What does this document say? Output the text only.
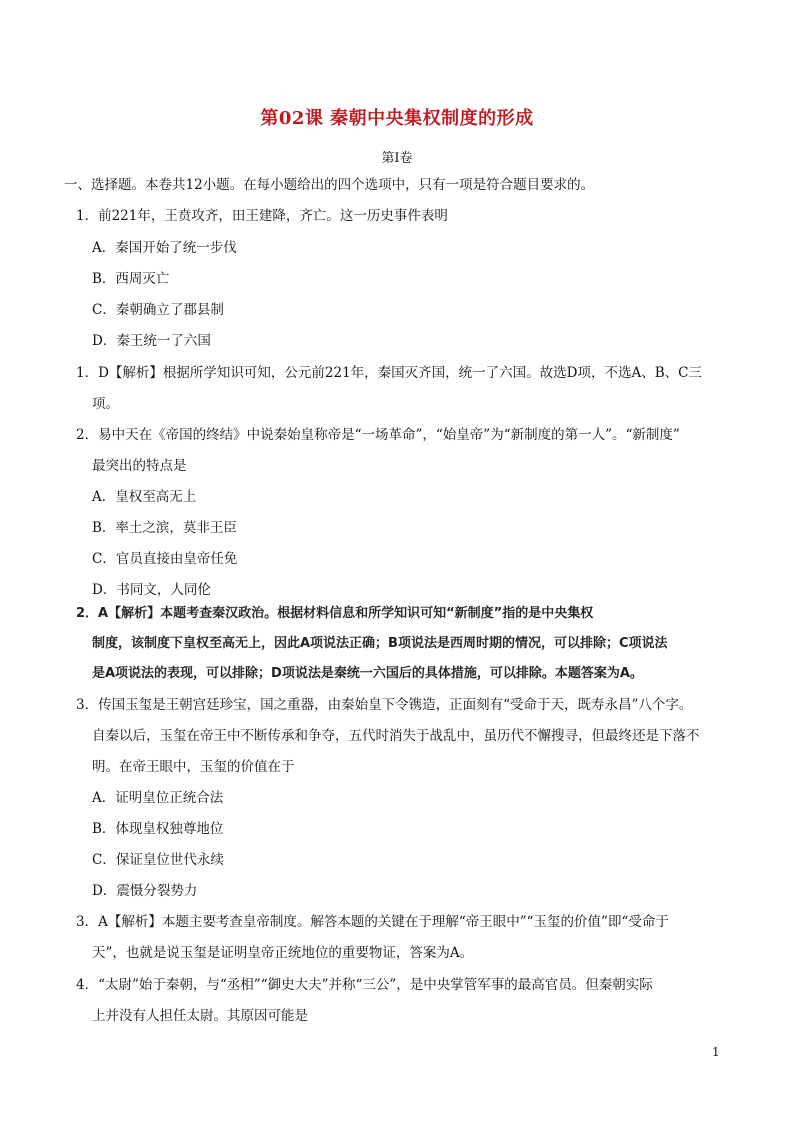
第02课 秦朝中央集权制度的形成
第Ⅰ卷
一、选择题。本卷共12小题。在每小题给出的四个选项中，只有一项是符合题目要求的。
1．前221年，王贲攻齐，田王建降，齐亡。这一历史事件表明
A．秦国开始了统一步伐
B．西周灭亡
C．秦朝确立了郡县制
D．秦王统一了六国
1．D【解析】根据所学知识可知，公元前221年，秦国灭齐国，统一了六国。故选D项，不选A、B、C三
项。
2．易中天在《帝国的终结》中说秦始皇称帝是“一场革命”，“始皇帝”为“新制度的第一人”。“新制度”
最突出的特点是
A．皇权至高无上
B．率土之滨，莫非王臣
C．官员直接由皇帝任免
D．书同文，人同伦
2．A【解析】本题考查秦汉政治。根据材料信息和所学知识可知“新制度”指的是中央集权
制度，该制度下皇权至高无上，因此A项说法正确；B项说法是西周时期的情况，可以排除；C项说法
是A项说法的表现，可以排除；D项说法是秦统一六国后的具体措施，可以排除。本题答案为A。
3．传国玉玺是王朝宫廷珍宝，国之重器，由秦始皇下令镌造，正面刻有“受命于天，既寿永昌”八个字。
自秦以后，玉玺在帝王中不断传承和争夺，五代时消失于战乱中，虽历代不懈搜寻，但最终还是下落不
明。在帝王眼中，玉玺的价值在于
A．证明皇位正统合法
B．体现皇权独尊地位
C．保证皇位世代永续
D．震慑分裂势力
3．A【解析】本题主要考查皇帝制度。解答本题的关键在于理解“帝王眼中”“玉玺的价值”即“受命于
天”，也就是说玉玺是证明皇帝正统地位的重要物证，答案为A。
4．“太尉”始于秦朝，与“丞相”“御史大夫”并称“三公”，是中央掌管军事的最高官员。但秦朝实际
上并没有人担任太尉。其原因可能是
1
